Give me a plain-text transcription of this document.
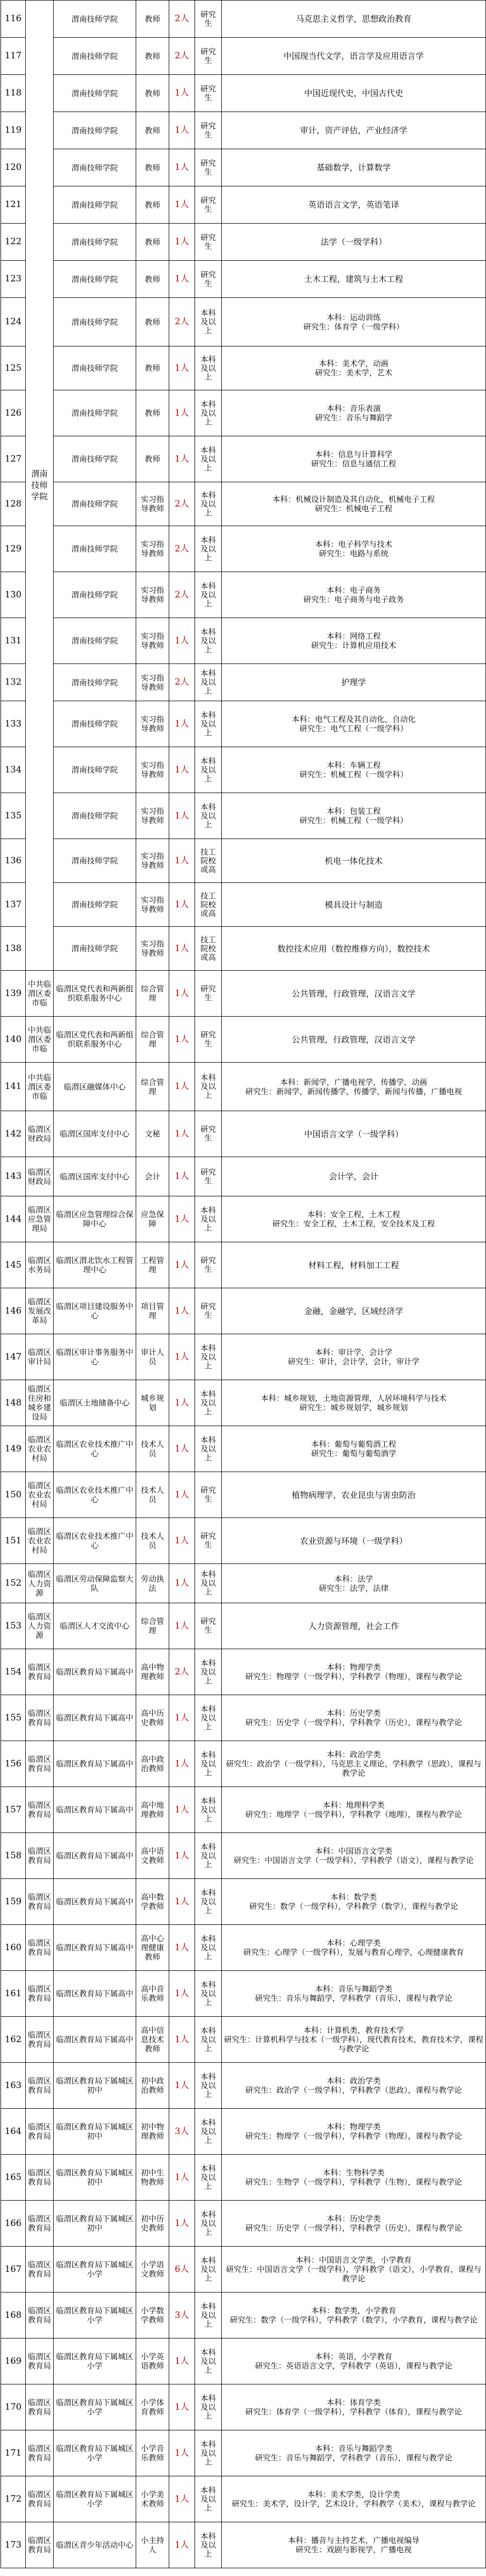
116	渭南技师学院	渭南技师学院	教师	2人	研究生	马克思主义哲学，思想政治教育
117		渭南技师学院	教师	2人	研究生	中国现当代文学，语言学及应用语言学
118		渭南技师学院	教师	1人	研究生	中国近现代史，中国古代史
119		渭南技师学院	教师	1人	研究生	审计，资产评估，产业经济学
120		渭南技师学院	教师	1人	研究生	基础数学，计算数学
121		渭南技师学院	教师	1人	研究生	英语语言文学，英语笔译
122		渭南技师学院	教师	1人	研究生	法学（一级学科）
123		渭南技师学院	教师	1人	研究生	土木工程，建筑与土木工程
124		渭南技师学院	教师	2人	本科及以上	本科：运动训练
研究生：体育学（一级学科）
125		渭南技师学院	教师	1人	本科及以上	本科：美术学，动画
研究生：美术学，艺术
126		渭南技师学院	教师	1人	本科及以上	本科：音乐表演
研究生：音乐与舞蹈学
127		渭南技师学院	教师	1人	本科及以上	本科：信息与计算科学
研究生：信息与通信工程
128		渭南技师学院	实习指导教师	2人	本科及以上	本科：机械设计制造及其自动化，机械电子工程
研究生：机械电子工程
129		渭南技师学院	实习指导教师	2人	本科及以上	本科：电子科学与技术
研究生：电路与系统
130		渭南技师学院	实习指导教师	2人	本科及以上	本科：电子商务
研究生：电子商务与电子政务
131		渭南技师学院	实习指导教师	1人	本科及以上	本科：网络工程
研究生：计算机应用技术
132		渭南技师学院	实习指导教师	2人	本科及以上	护理学
133		渭南技师学院	实习指导教师	1人	本科及以上	本科：电气工程及其自动化，自动化
研究生：电气工程（一级学科）
134		渭南技师学院	实习指导教师	1人	本科及以上	本科：车辆工程
研究生：机械工程（一级学科）
135		渭南技师学院	实习指导教师	1人	本科及以上	本科：包装工程
研究生：机械工程（一级学科）
136		渭南技师学院	实习指导教师	1人	技工院校或高	机电一体化技术
137		渭南技师学院	实习指导教师	1人	技工院校或高	模具设计与制造
138		渭南技师学院	实习指导教师	1人	技工院校或高	数控技术应用（数控维修方向），数控技术
139	中共临渭区委市临	临渭区党代表和两新组织联系服务中心	综合管理	1人	研究生	公共管理，行政管理，汉语言文学
140	中共临渭区委市临	临渭区党代表和两新组织联系服务中心	综合管理	1人	研究生	公共管理，行政管理，汉语言文学
141	中共临渭区委市临	临渭区融媒体中心	综合管理	1人	本科及以上	本科：新闻学，广播电视学，传播学，动画
研究生：新闻学，新闻传播学，传播学，新闻与传播，广播电视
142	临渭区财政局	临渭区国库支付中心	文秘	1人	研究生	中国语言文学（一级学科）
143	临渭区财政局	临渭区国库支付中心	会计	1人	研究生	会计学，会计
144	临渭区应急管理局	临渭区应急管理综合保障中心	应急保障	1人	本科及以上	本科：安全工程，土木工程
研究生：安全工程，土木工程，安全技术及工程
145	临渭区水务局	临渭区渭北饮水工程管理中心	工程管理	1人	研究生	材料工程，材料加工工程
146	临渭区发展改革局	临渭区项目建设服务中心	项目管理	1人	研究生	金融，金融学，区域经济学
147	临渭区审计局	临渭区审计事务服务中心	审计人员	1人	本科及以上	本科：审计学，会计学
研究生：审计，会计学，会计，审计学
148	临渭区住房和城乡建设局	临渭区土地储备中心	城乡规划	1人	本科及以上	本科：城乡规划，土地资源管理，人居环境科学与技术
研究生：城乡规划学，城乡规划
149	临渭区农业农村局	临渭区农业技术推广中心	技术人员	1人	本科及以上	本科：葡萄与葡萄酒工程
研究生：葡萄与葡萄酒学
150	临渭区农业农村局	临渭区农业技术推广中心	技术人员	1人	研究生	植物病理学，农业昆虫与害虫防治
151	临渭区农业农村局	临渭区农业技术推广中心	技术人员	1人	研究生	农业资源与环境（一级学科）
152	临渭区人力资源	临渭区劳动保障监察大队	劳动执法	1人	本科及以上	本科：法学
研究生：法学，法律
153	临渭区人力资源	临渭区人才交流中心	综合管理	1人	研究生	人力资源管理，社会工作
154	临渭区教育局	临渭区教育局下属高中	高中物理教师	2人	本科及以上	本科：物理学类
研究生：物理学（一级学科），学科教学（物理），课程与教学论
155	临渭区教育局	临渭区教育局下属高中	高中历史教师	1人	本科及以上	本科：历史学类
研究生：历史学（一级学科），学科教学（历史），课程与教学论
156	临渭区教育局	临渭区教育局下属高中	高中政治教师	1人	本科及以上	本科：政治学类
研究生：政治学（一级学科），马克思主义理论，学科教学（思政），课程与教学论
157	临渭区教育局	临渭区教育局下属高中	高中地理教师	1人	本科及以上	本科：地理科学类
研究生：地理学（一级学科），学科教学（地理），课程与教学论
158	临渭区教育局	临渭区教育局下属高中	高中语文教师	1人	本科及以上	本科：中国语言文学类
研究生：中国语言文学（一级学科），学科教学（语文），课程与教学论
159	临渭区教育局	临渭区教育局下属高中	高中数学教师	1人	本科及以上	本科：数学类
研究生：数学（一级学科），学科教学（数学），课程与教学论
160	临渭区教育局	临渭区教育局下属高中	高中心理健康教师	1人	本科及以上	本科：心理学类
研究生：心理学（一级学科），发展与教育心理学，心理健康教育
161	临渭区教育局	临渭区教育局下属高中	高中音乐教师	1人	本科及以上	本科：音乐与舞蹈学类
研究生：音乐与舞蹈学，学科教学（音乐），课程与教学论
162	临渭区教育局	临渭区教育局下属高中	高中信息技术教师	1人	本科及以上	本科：计算机类，教育技术学
研究生：计算机科学与技术（一级学科），现代教育技术，教育技术学，课程与教学论
163	临渭区教育局	临渭区教育局下属城区初中	初中政治教师	1人	本科及以上	本科：政治学类
研究生：政治学（一级学科），学科教学（思政），课程与教学论
164	临渭区教育局	临渭区教育局下属城区初中	初中物理教师	3人	本科及以上	本科：物理学类
研究生：物理学（一级学科），学科教学（物理），课程与教学论
165	临渭区教育局	临渭区教育局下属城区初中	初中生物教师	1人	本科及以上	本科：生物科学类
研究生：生物学（一级学科），学科教学（生物），课程与教学论
166	临渭区教育局	临渭区教育局下属城区初中	初中历史教师	1人	本科及以上	本科：历史学类
研究生：历史学（一级学科），学科教学（历史），课程与教学论
167	临渭区教育局	临渭区教育局下属城区小学	小学语文教师	6人	本科及以上	本科：中国语言文学类，小学教育
研究生：中国语言文学（一级学科），学科教学（语文），小学教育，课程与教学论
168	临渭区教育局	临渭区教育局下属城区小学	小学数学教师	3人	本科及以上	本科：数学类，小学教育
研究生：数学（一级学科），学科教学（数学），小学教育，课程与教学论
169	临渭区教育局	临渭区教育局下属城区小学	小学英语教师	1人	本科及以上	本科：英语，小学教育
研究生：英语语言文学，学科教学（英语），课程与教学论
170	临渭区教育局	临渭区教育局下属城区小学	小学体育教师	1人	本科及以上	本科：体育学类
研究生：体育学（一级学科），学科教学（体育），课程与教学论
171	临渭区教育局	临渭区教育局下属城区小学	小学音乐教师	1人	本科及以上	本科：音乐与舞蹈学类
研究生：音乐与舞蹈学，学科教学（音乐），课程与教学论
172	临渭区教育局	临渭区教育局下属城区小学	小学美术教师	1人	本科及以上	本科：美术学类，设计学类
研究生：美术学，设计学，艺术设计，学科教学（美术），课程与教学论
173	临渭区教育局	临渭区青少年活动中心	小主持人	1人	本科及以上	本科：播音与主持艺术，广播电视编导
研究生：戏剧与影视学，广播电视
